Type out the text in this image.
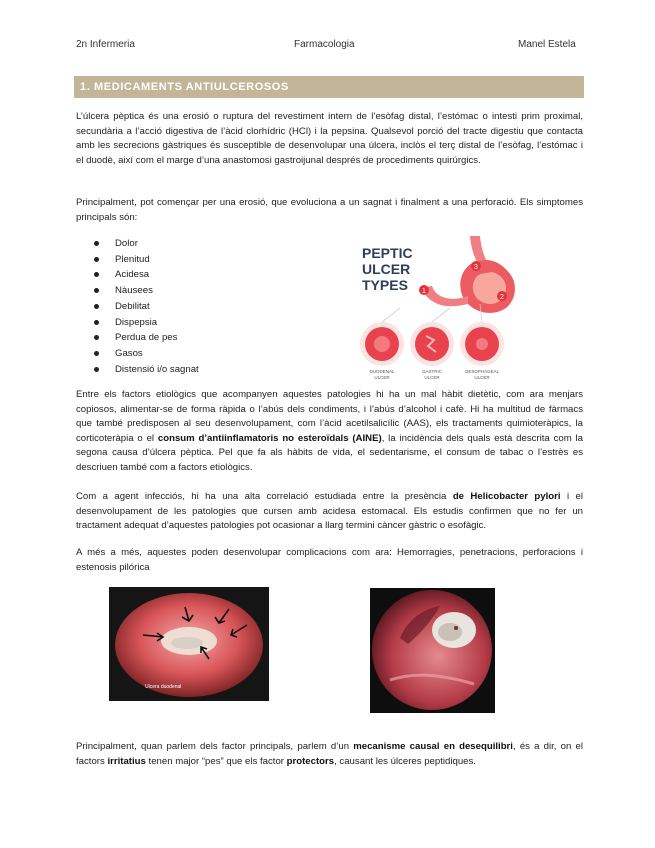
2n Infermeria	Farmacologia	Manel Estela
1. MEDICAMENTS ANTIULCEROSOS

L’úlcera pèptica és una erosió o ruptura del revestiment intern de l’esòfag distal, l’estómac o intesti prim proximal, secundària a l’acció digestiva de l’àcid clorhídric (HCl) i la pepsina. Qualsevol porció del tracte digestiu que contacta amb les secrecions gàstriques és susceptible de desenvolupar una úlcera, inclòs el terç distal de l’esòfag, l’estómac i el duodè, així com el marge d’una anastomosi gastroijunal després de procediments quirúrgics.

Principalment, pot començar per una erosió, que evoluciona a un sagnat i finalment a una perforació. Els simptomes principals són:

Dolor
Plenitud
Acidesa
Nàusees
Debilitat
Dispepsia
Perdua de pes
Gasos
Distensió i/o sagnat
PEPTIC
ULCER
TYPES 1
3
2
DUODENAL
ULCER
GASTRIC
ULCER
OESOPHAGEAL
ULCER

Entre els factors etiològics que acompanyen aquestes patologies hi ha un mal hàbit dietètic, com ara menjars copiosos, alimentar-se de forma ràpida o l’abús dels condiments, i l’abús d’alcohol i cafè. Hi ha multitud de fàrmacs que també predisposen al seu desenvolupament, com l’àcid acetilsalicílic (AAS), els tractaments quimioteràpics, la corticoteràpia o el consum d’antiinflamatoris no esteroïdals (AINE), la incidència dels quals està descrita com la segona causa d’úlcera pèptica. Pel que fa als hàbits de vida, el sedentarisme, el consum de tabac o l’estrès es descriuen també com a factors etiològics.

Com a agent infecciós, hi ha una alta correlació estudiada entre la presència de Helicobacter pylori i el desenvolupament de les patologies que cursen amb acidesa estomacal. Els estudis confirmen que no fer un tractament adequat d’aquestes patologies pot ocasionar a llarg termini càncer gàstric o esofàgic.

A més a més, aquestes poden desenvolupar complicacions com ara: Hemorragies, penetracions, perforacions i estenosis pilórica

Ulcera duodenal

Principalment, quan parlem dels factor principals, parlem d’un mecanisme causal en desequilibri, és a dir, on el factors irritatius tenen major “pes” que els factor protectors, causant les úlceres peptidiques.
